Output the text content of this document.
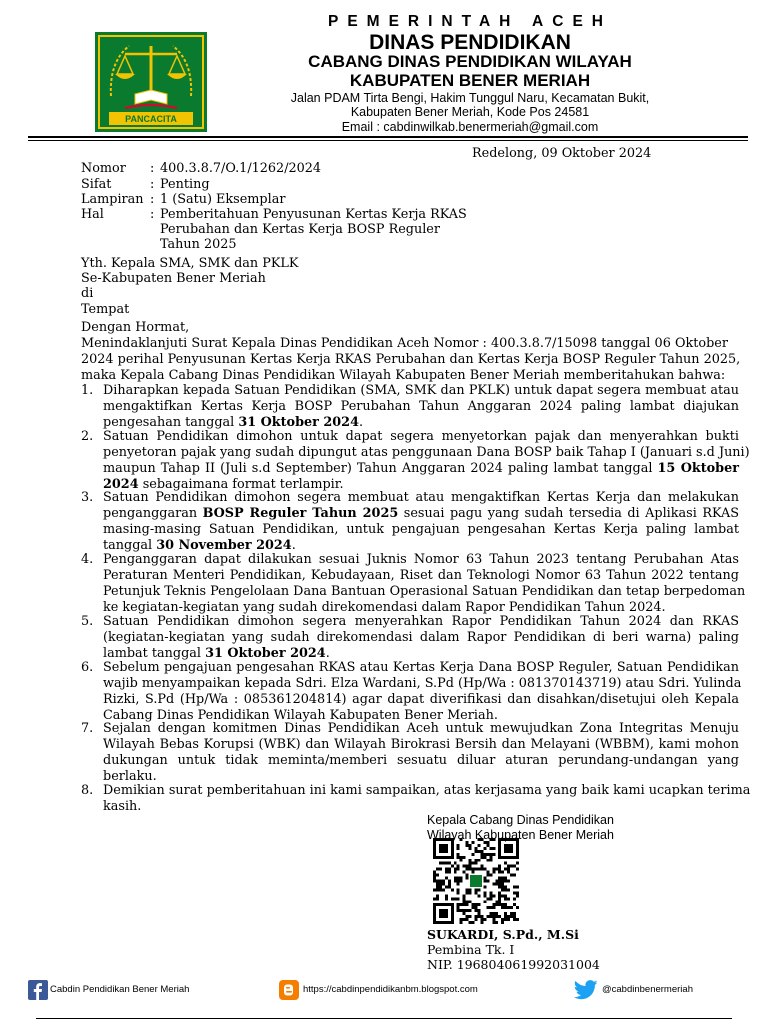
PANCACITA
PEMERINTAH ACEH
DINAS PENDIDIKAN
CABANG DINAS PENDIDIKAN WILAYAH
KABUPATEN BENER MERIAH
Jalan PDAM Tirta Bengi, Hakim Tunggul Naru, Kecamatan Bukit,
Kabupaten Bener Meriah, Kode Pos 24581
Email : cabdinwilkab.benermeriah@gmail.com
Redelong, 09 Oktober 2024
Nomor : 400.3.8.7/O.1/1262/2024
Sifat	: Penting
Lampiran : 1 (Satu) Eksemplar
Hal	: Pemberitahuan Penyusunan Kertas Kerja RKAS
Perubahan dan Kertas Kerja BOSP Reguler
Tahun 2025
Yth. Kepala SMA, SMK dan PKLK
Se-Kabupaten Bener Meriah
di
Tempat
Dengan Hormat,
Menindaklanjuti Surat Kepala Dinas Pendidikan Aceh Nomor : 400.3.8.7/15098 tanggal 06 Oktober
2024 perihal Penyusunan Kertas Kerja RKAS Perubahan dan Kertas Kerja BOSP Reguler Tahun 2025,
maka Kepala Cabang Dinas Pendidikan Wilayah Kabupaten Bener Meriah memberitahukan bahwa:
1. Diharapkan kepada Satuan Pendidikan (SMA, SMK dan PKLK) untuk dapat segera membuat atau
mengaktifkan Kertas Kerja BOSP Perubahan Tahun Anggaran 2024 paling lambat diajukan
pengesahan tanggal 31 Oktober 2024.
2. Satuan Pendidikan dimohon untuk dapat segera menyetorkan pajak dan menyerahkan bukti
penyetoran pajak yang sudah dipungut atas penggunaan Dana BOSP baik Tahap I (Januari s.d Juni)
maupun Tahap II (Juli s.d September) Tahun Anggaran 2024 paling lambat tanggal 15 Oktober
2024 sebagaimana format terlampir.
3. Satuan Pendidikan dimohon segera membuat atau mengaktifkan Kertas Kerja dan melakukan
penganggaran BOSP Reguler Tahun 2025 sesuai pagu yang sudah tersedia di Aplikasi RKAS
masing-masing Satuan Pendidikan, untuk pengajuan pengesahan Kertas Kerja paling lambat
tanggal 30 November 2024.
4. Penganggaran dapat dilakukan sesuai Juknis Nomor 63 Tahun 2023 tentang Perubahan Atas
Peraturan Menteri Pendidikan, Kebudayaan, Riset dan Teknologi Nomor 63 Tahun 2022 tentang
Petunjuk Teknis Pengelolaan Dana Bantuan Operasional Satuan Pendidikan dan tetap berpedoman
ke kegiatan-kegiatan yang sudah direkomendasi dalam Rapor Pendidikan Tahun 2024.
5. Satuan Pendidikan dimohon segera menyerahkan Rapor Pendidikan Tahun 2024 dan RKAS
(kegiatan-kegiatan yang sudah direkomendasi dalam Rapor Pendidikan di beri warna) paling
lambat tanggal 31 Oktober 2024.
6. Sebelum pengajuan pengesahan RKAS atau Kertas Kerja Dana BOSP Reguler, Satuan Pendidikan
wajib menyampaikan kepada Sdri. Elza Wardani, S.Pd (Hp/Wa : 081370143719) atau Sdri. Yulinda
Rizki, S.Pd (Hp/Wa : 085361204814) agar dapat diverifikasi dan disahkan/disetujui oleh Kepala
Cabang Dinas Pendidikan Wilayah Kabupaten Bener Meriah.
7. Sejalan dengan komitmen Dinas Pendidikan Aceh untuk mewujudkan Zona Integritas Menuju
Wilayah Bebas Korupsi (WBK) dan Wilayah Birokrasi Bersih dan Melayani (WBBM), kami mohon
dukungan untuk tidak meminta/memberi sesuatu diluar aturan perundang-undangan yang
berlaku.
8. Demikian surat pemberitahuan ini kami sampaikan, atas kerjasama yang baik kami ucapkan terima
kasih.
Kepala Cabang Dinas Pendidikan
Wilayah Kabupaten Bener Meriah
SUKARDI, S.Pd., M.Si
Pembina Tk. I
NIP. 196804061992031004
Cabdin Pendidikan Bener Meriah	https://cabdinpendidikanbm.blogspot.com	@cabdinbenermeriah
